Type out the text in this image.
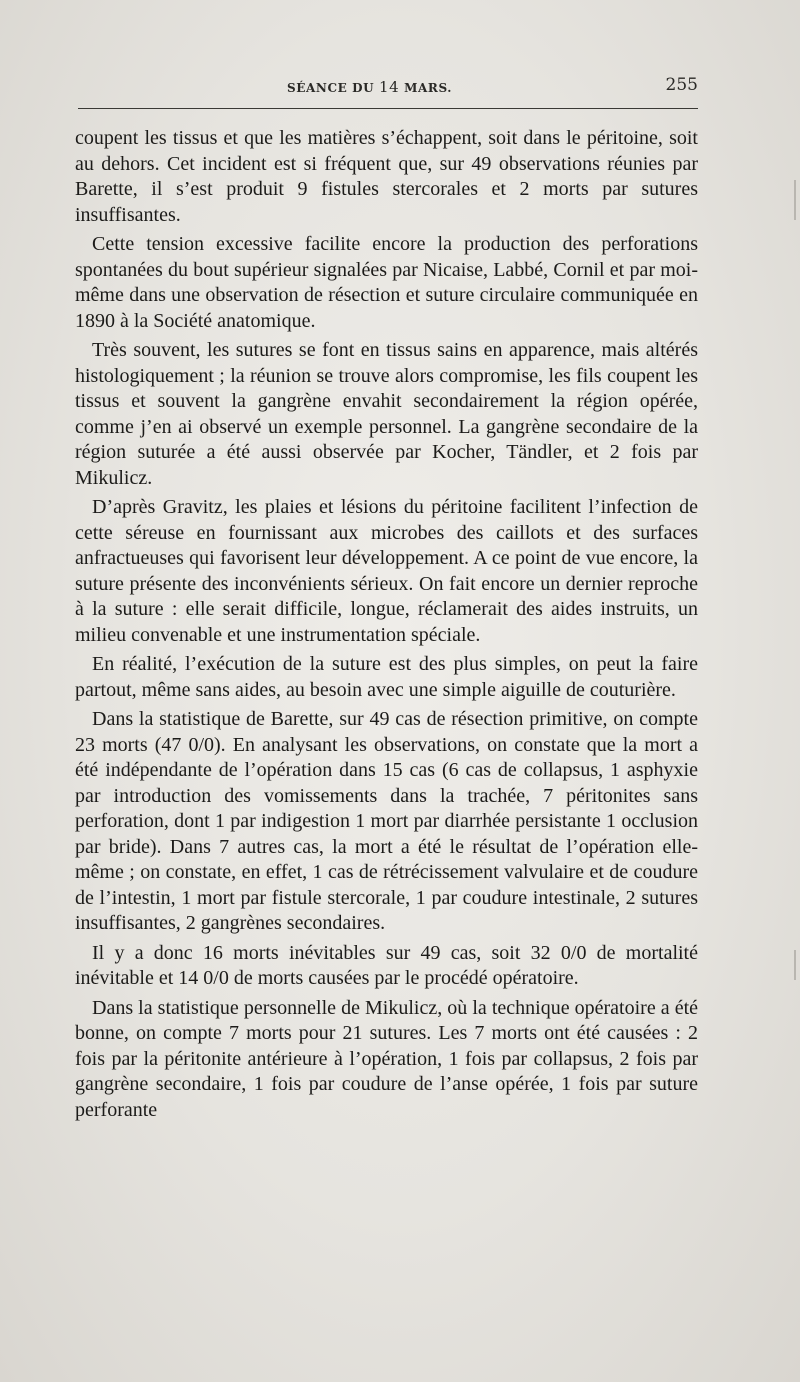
SÉANCE DU 14 MARS.	255

coupent les tissus et que les matières s’échappent, soit dans le péritoine, soit au dehors. Cet incident est si fréquent que, sur 49 observations réunies par Barette, il s’est produit 9 fistules stercorales et 2 morts par sutures insuffisantes.

Cette tension excessive facilite encore la production des perforations spontanées du bout supérieur signalées par Nicaise, Labbé, Cornil et par moi-même dans une observation de résection et suture circulaire communiquée en 1890 à la Société anatomique.

Très souvent, les sutures se font en tissus sains en apparence, mais altérés histologiquement ; la réunion se trouve alors compromise, les fils coupent les tissus et souvent la gangrène envahit secondairement la région opérée, comme j’en ai observé un exemple personnel. La gangrène secondaire de la région suturée a été aussi observée par Kocher, Tändler, et 2 fois par Mikulicz.

D’après Gravitz, les plaies et lésions du péritoine facilitent l’infection de cette séreuse en fournissant aux microbes des caillots et des surfaces anfractueuses qui favorisent leur développement. A ce point de vue encore, la suture présente des inconvénients sérieux. On fait encore un dernier reproche à la suture : elle serait difficile, longue, réclamerait des aides instruits, un milieu convenable et une instrumentation spéciale.

En réalité, l’exécution de la suture est des plus simples, on peut la faire partout, même sans aides, au besoin avec une simple aiguille de couturière.

Dans la statistique de Barette, sur 49 cas de résection primitive, on compte 23 morts (47 0/0). En analysant les observations, on constate que la mort a été indépendante de l’opération dans 15 cas (6 cas de collapsus, 1 asphyxie par introduction des vomissements dans la trachée, 7 péritonites sans perforation, dont 1 par indigestion 1 mort par diarrhée persistante 1 occlusion par bride). Dans 7 autres cas, la mort a été le résultat de l’opération elle-même ; on constate, en effet, 1 cas de rétrécissement valvulaire et de coudure de l’intestin, 1 mort par fistule stercorale, 1 par coudure intestinale, 2 sutures insuffisantes, 2 gangrènes secondaires.

Il y a donc 16 morts inévitables sur 49 cas, soit 32 0/0 de mortalité inévitable et 14 0/0 de morts causées par le procédé opératoire.

Dans la statistique personnelle de Mikulicz, où la technique opératoire a été bonne, on compte 7 morts pour 21 sutures. Les 7 morts ont été causées : 2 fois par la péritonite antérieure à l’opération, 1 fois par collapsus, 2 fois par gangrène secondaire, 1 fois par coudure de l’anse opérée, 1 fois par suture perforante
